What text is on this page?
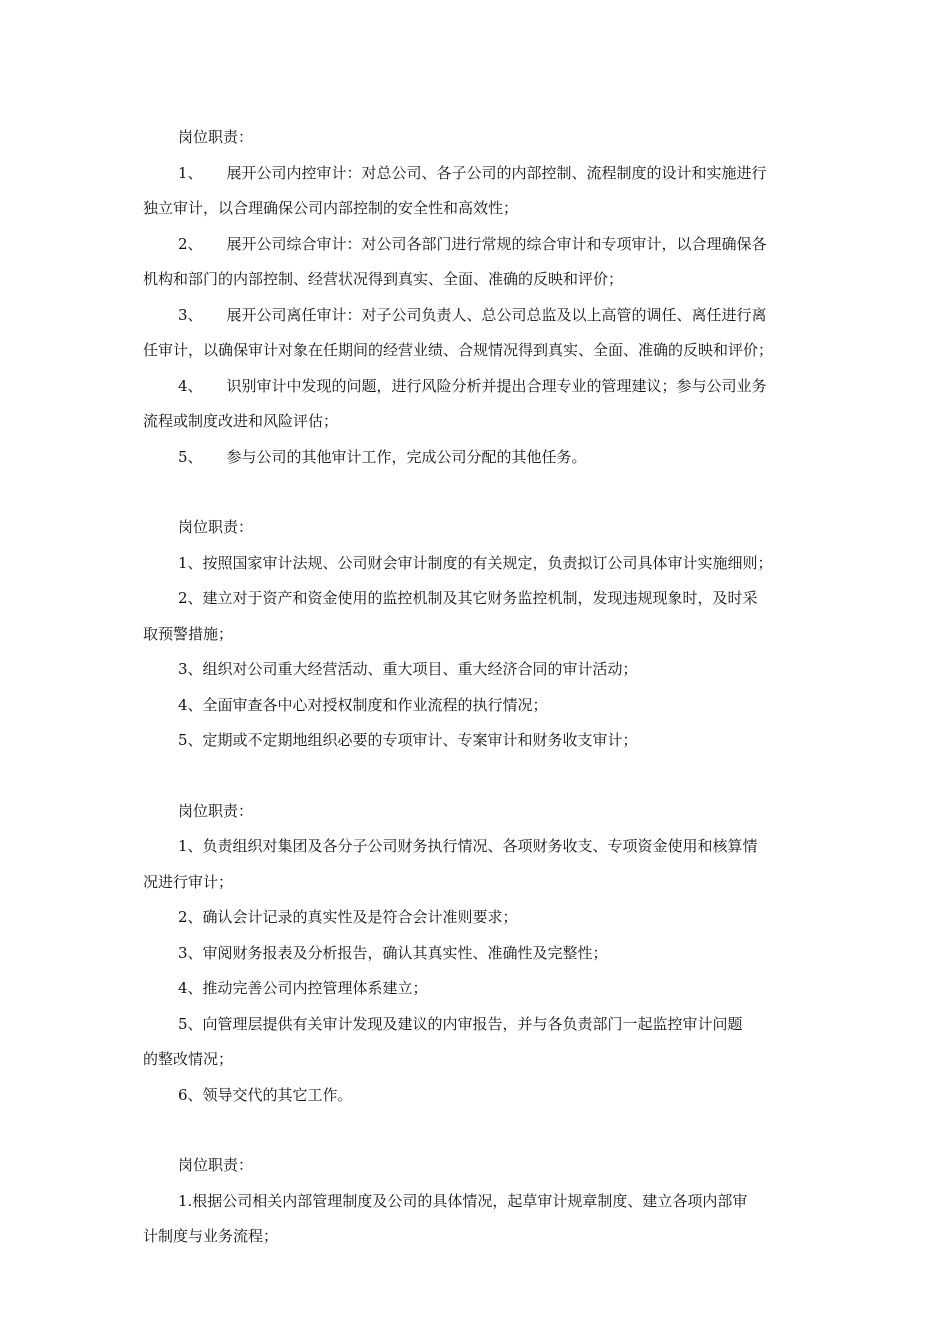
岗位职责：

1、 展开公司内控审计：对总公司、各子公司的内部控制、流程制度的设计和实施进行

独立审计，以合理确保公司内部控制的安全性和高效性；

2、 展开公司综合审计：对公司各部门进行常规的综合审计和专项审计，以合理确保各

机构和部门的内部控制、经营状况得到真实、全面、准确的反映和评价；

3、 展开公司离任审计：对子公司负责人、总公司总监及以上高管的调任、离任进行离

任审计，以确保审计对象在任期间的经营业绩、合规情况得到真实、全面、准确的反映和评价；

4、 识别审计中发现的问题，进行风险分析并提出合理专业的管理建议；参与公司业务

流程或制度改进和风险评估；

5、 参与公司的其他审计工作，完成公司分配的其他任务。

岗位职责：

1、按照国家审计法规、公司财会审计制度的有关规定，负责拟订公司具体审计实施细则；

2、建立对于资产和资金使用的监控机制及其它财务监控机制，发现违规现象时，及时采

取预警措施；

3、组织对公司重大经营活动、重大项目、重大经济合同的审计活动；

4、全面审查各中心对授权制度和作业流程的执行情况；

5、定期或不定期地组织必要的专项审计、专案审计和财务收支审计；

岗位职责：

1、负责组织对集团及各分子公司财务执行情况、各项财务收支、专项资金使用和核算情

况进行审计；

2、确认会计记录的真实性及是符合会计准则要求；

3、审阅财务报表及分析报告，确认其真实性、准确性及完整性；

4、推动完善公司内控管理体系建立；

5、向管理层提供有关审计发现及建议的内审报告，并与各负责部门一起监控审计问题

的整改情况；

6、领导交代的其它工作。

岗位职责：

1.根据公司相关内部管理制度及公司的具体情况，起草审计规章制度、建立各项内部审

计制度与业务流程；
